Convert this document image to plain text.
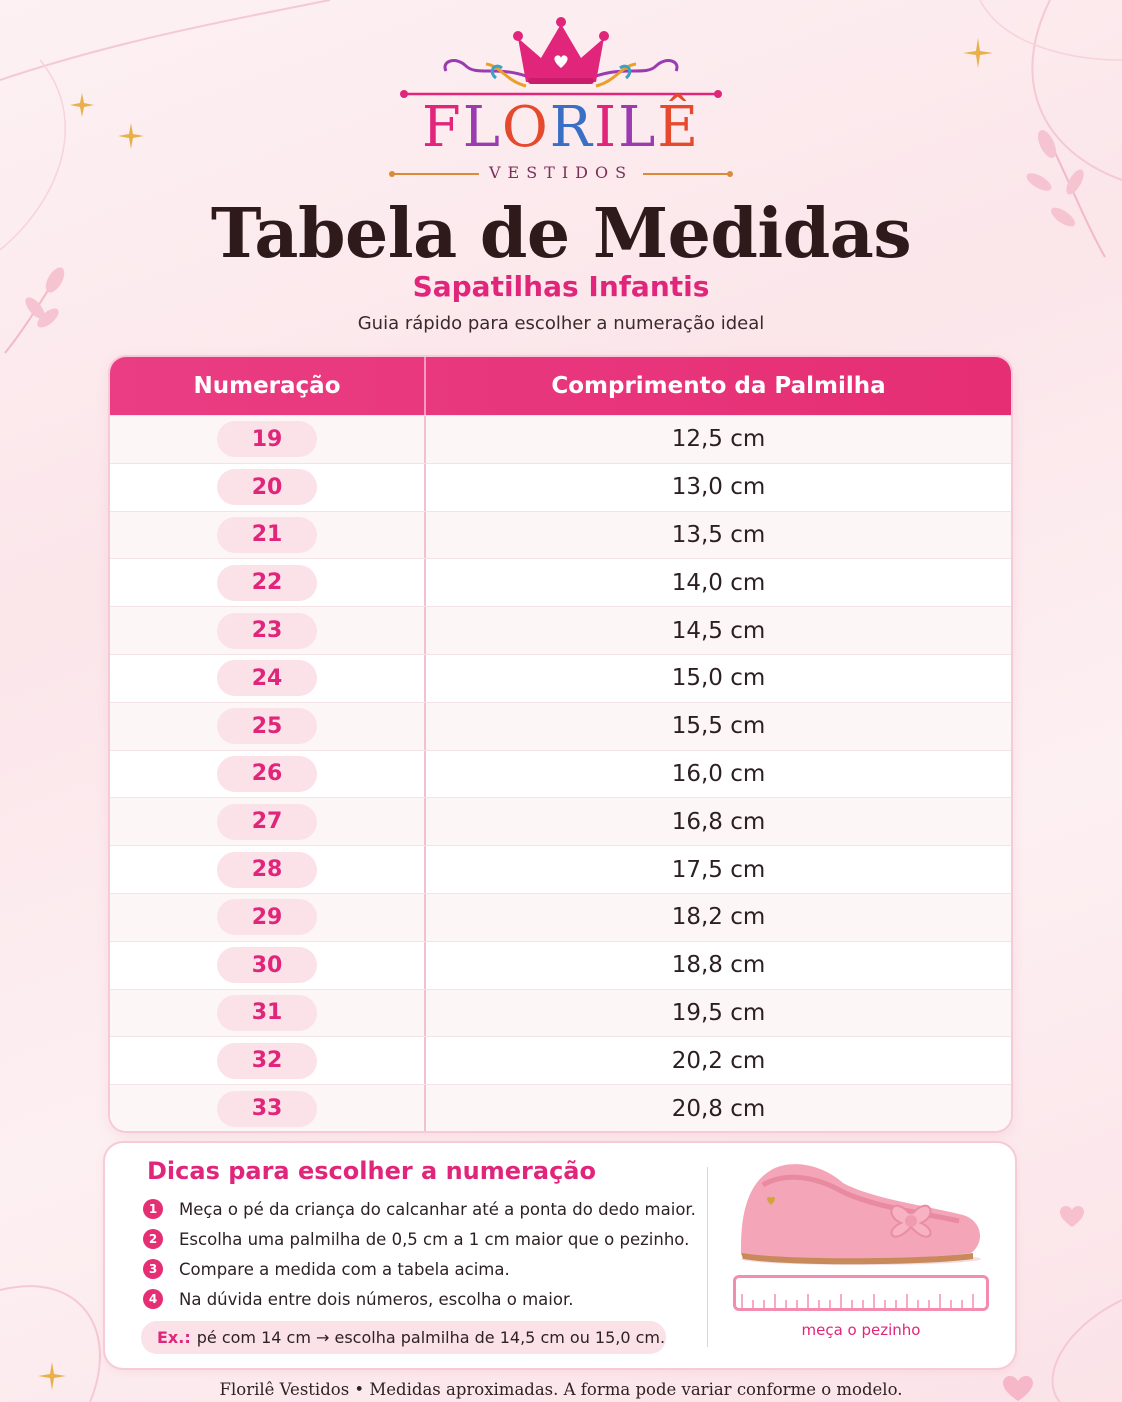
FLORILÊ
VESTIDOS
Tabela de Medidas
Sapatilhas Infantis
Guia rápido para escolher a numeração ideal
Numeração	Comprimento da Palmilha
19	12,5 cm
20	13,0 cm
21	13,5 cm
22	14,0 cm
23	14,5 cm
24	15,0 cm
25	15,5 cm
26	16,0 cm
27	16,8 cm
28	17,5 cm
29	18,2 cm
30	18,8 cm
31	19,5 cm
32	20,2 cm
33	20,8 cm
Dicas para escolher a numeração
1	Meça o pé da criança do calcanhar até a ponta do dedo maior.
2	Escolha uma palmilha de 0,5 cm a 1 cm maior que o pezinho.
3	Compare a medida com a tabela acima.
4	Na dúvida entre dois números, escolha o maior.
Ex.: pé com 14 cm → escolha palmilha de 14,5 cm ou 15,0 cm.	meça o pezinho
Florilê Vestidos • Medidas aproximadas. A forma pode variar conforme o modelo.
